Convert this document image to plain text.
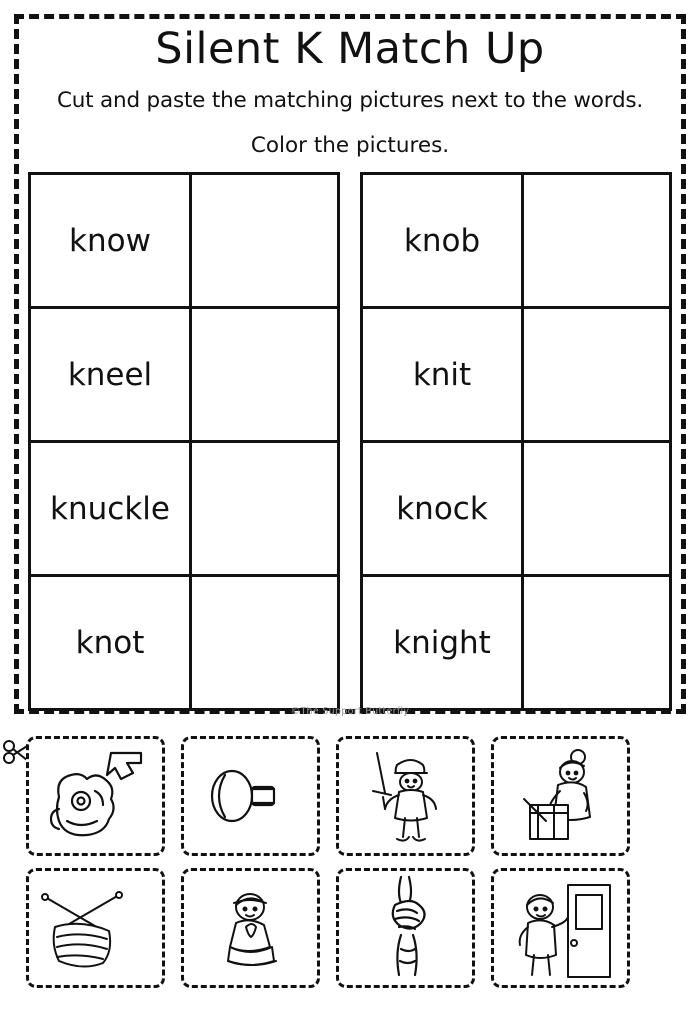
Silent K Match Up
Cut and paste the matching pictures next to the words.
Color the pictures.
know	
kneel	
knuckle	
knot	
knob	
knit	
knock	
knight	
©The Support Butterfly
